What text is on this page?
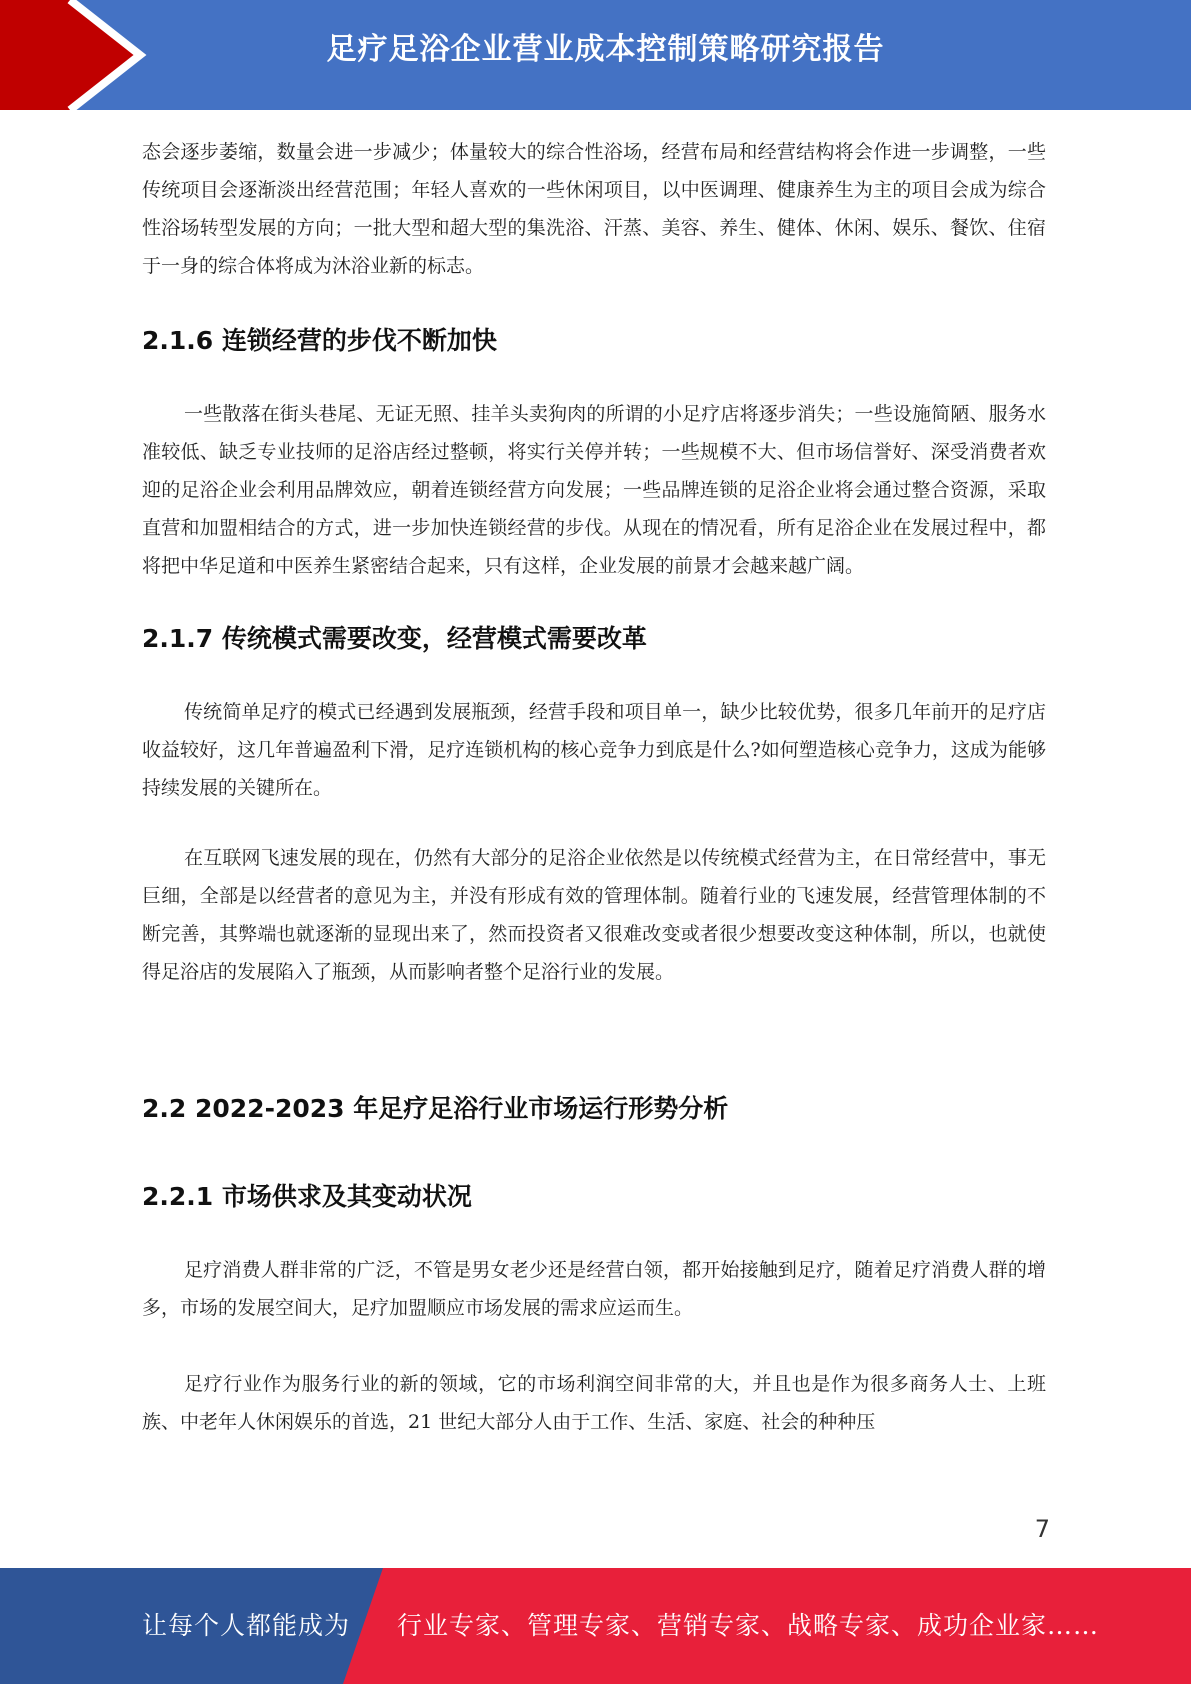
足疗足浴企业营业成本控制策略研究报告

态会逐步萎缩，数量会进一步减少；体量较大的综合性浴场，经营布局和经营结构将会作进一步调整，一些传统项目会逐渐淡出经营范围；年轻人喜欢的一些休闲项目，以中医调理、健康养生为主的项目会成为综合性浴场转型发展的方向；一批大型和超大型的集洗浴、汗蒸、美容、养生、健体、休闲、娱乐、餐饮、住宿于一身的综合体将成为沐浴业新的标志。

2.1.6 连锁经营的步伐不断加快

一些散落在街头巷尾、无证无照、挂羊头卖狗肉的所谓的小足疗店将逐步消失；一些设施简陋、服务水准较低、缺乏专业技师的足浴店经过整顿，将实行关停并转；一些规模不大、但市场信誉好、深受消费者欢迎的足浴企业会利用品牌效应，朝着连锁经营方向发展；一些品牌连锁的足浴企业将会通过整合资源，采取直营和加盟相结合的方式，进一步加快连锁经营的步伐。从现在的情况看，所有足浴企业在发展过程中，都将把中华足道和中医养生紧密结合起来，只有这样，企业发展的前景才会越来越广阔。

2.1.7 传统模式需要改变，经营模式需要改革

传统简单足疗的模式已经遇到发展瓶颈，经营手段和项目单一，缺少比较优势，很多几年前开的足疗店收益较好，这几年普遍盈利下滑，足疗连锁机构的核心竞争力到底是什么?如何塑造核心竞争力，这成为能够持续发展的关键所在。

在互联网飞速发展的现在，仍然有大部分的足浴企业依然是以传统模式经营为主，在日常经营中，事无巨细，全部是以经营者的意见为主，并没有形成有效的管理体制。随着行业的飞速发展，经营管理体制的不断完善，其弊端也就逐渐的显现出来了，然而投资者又很难改变或者很少想要改变这种体制，所以，也就使得足浴店的发展陷入了瓶颈，从而影响者整个足浴行业的发展。

2.2 2022-2023 年足疗足浴行业市场运行形势分析
2.2.1 市场供求及其变动状况

足疗消费人群非常的广泛，不管是男女老少还是经营白领，都开始接触到足疗，随着足疗消费人群的增多，市场的发展空间大，足疗加盟顺应市场发展的需求应运而生。

足疗行业作为服务行业的新的领域，它的市场利润空间非常的大，并且也是作为很多商务人士、上班族、中老年人休闲娱乐的首选，21 世纪大部分人由于工作、生活、家庭、社会的种种压

7
让每个人都能成为 行业专家、管理专家、营销专家、战略专家、成功企业家……
